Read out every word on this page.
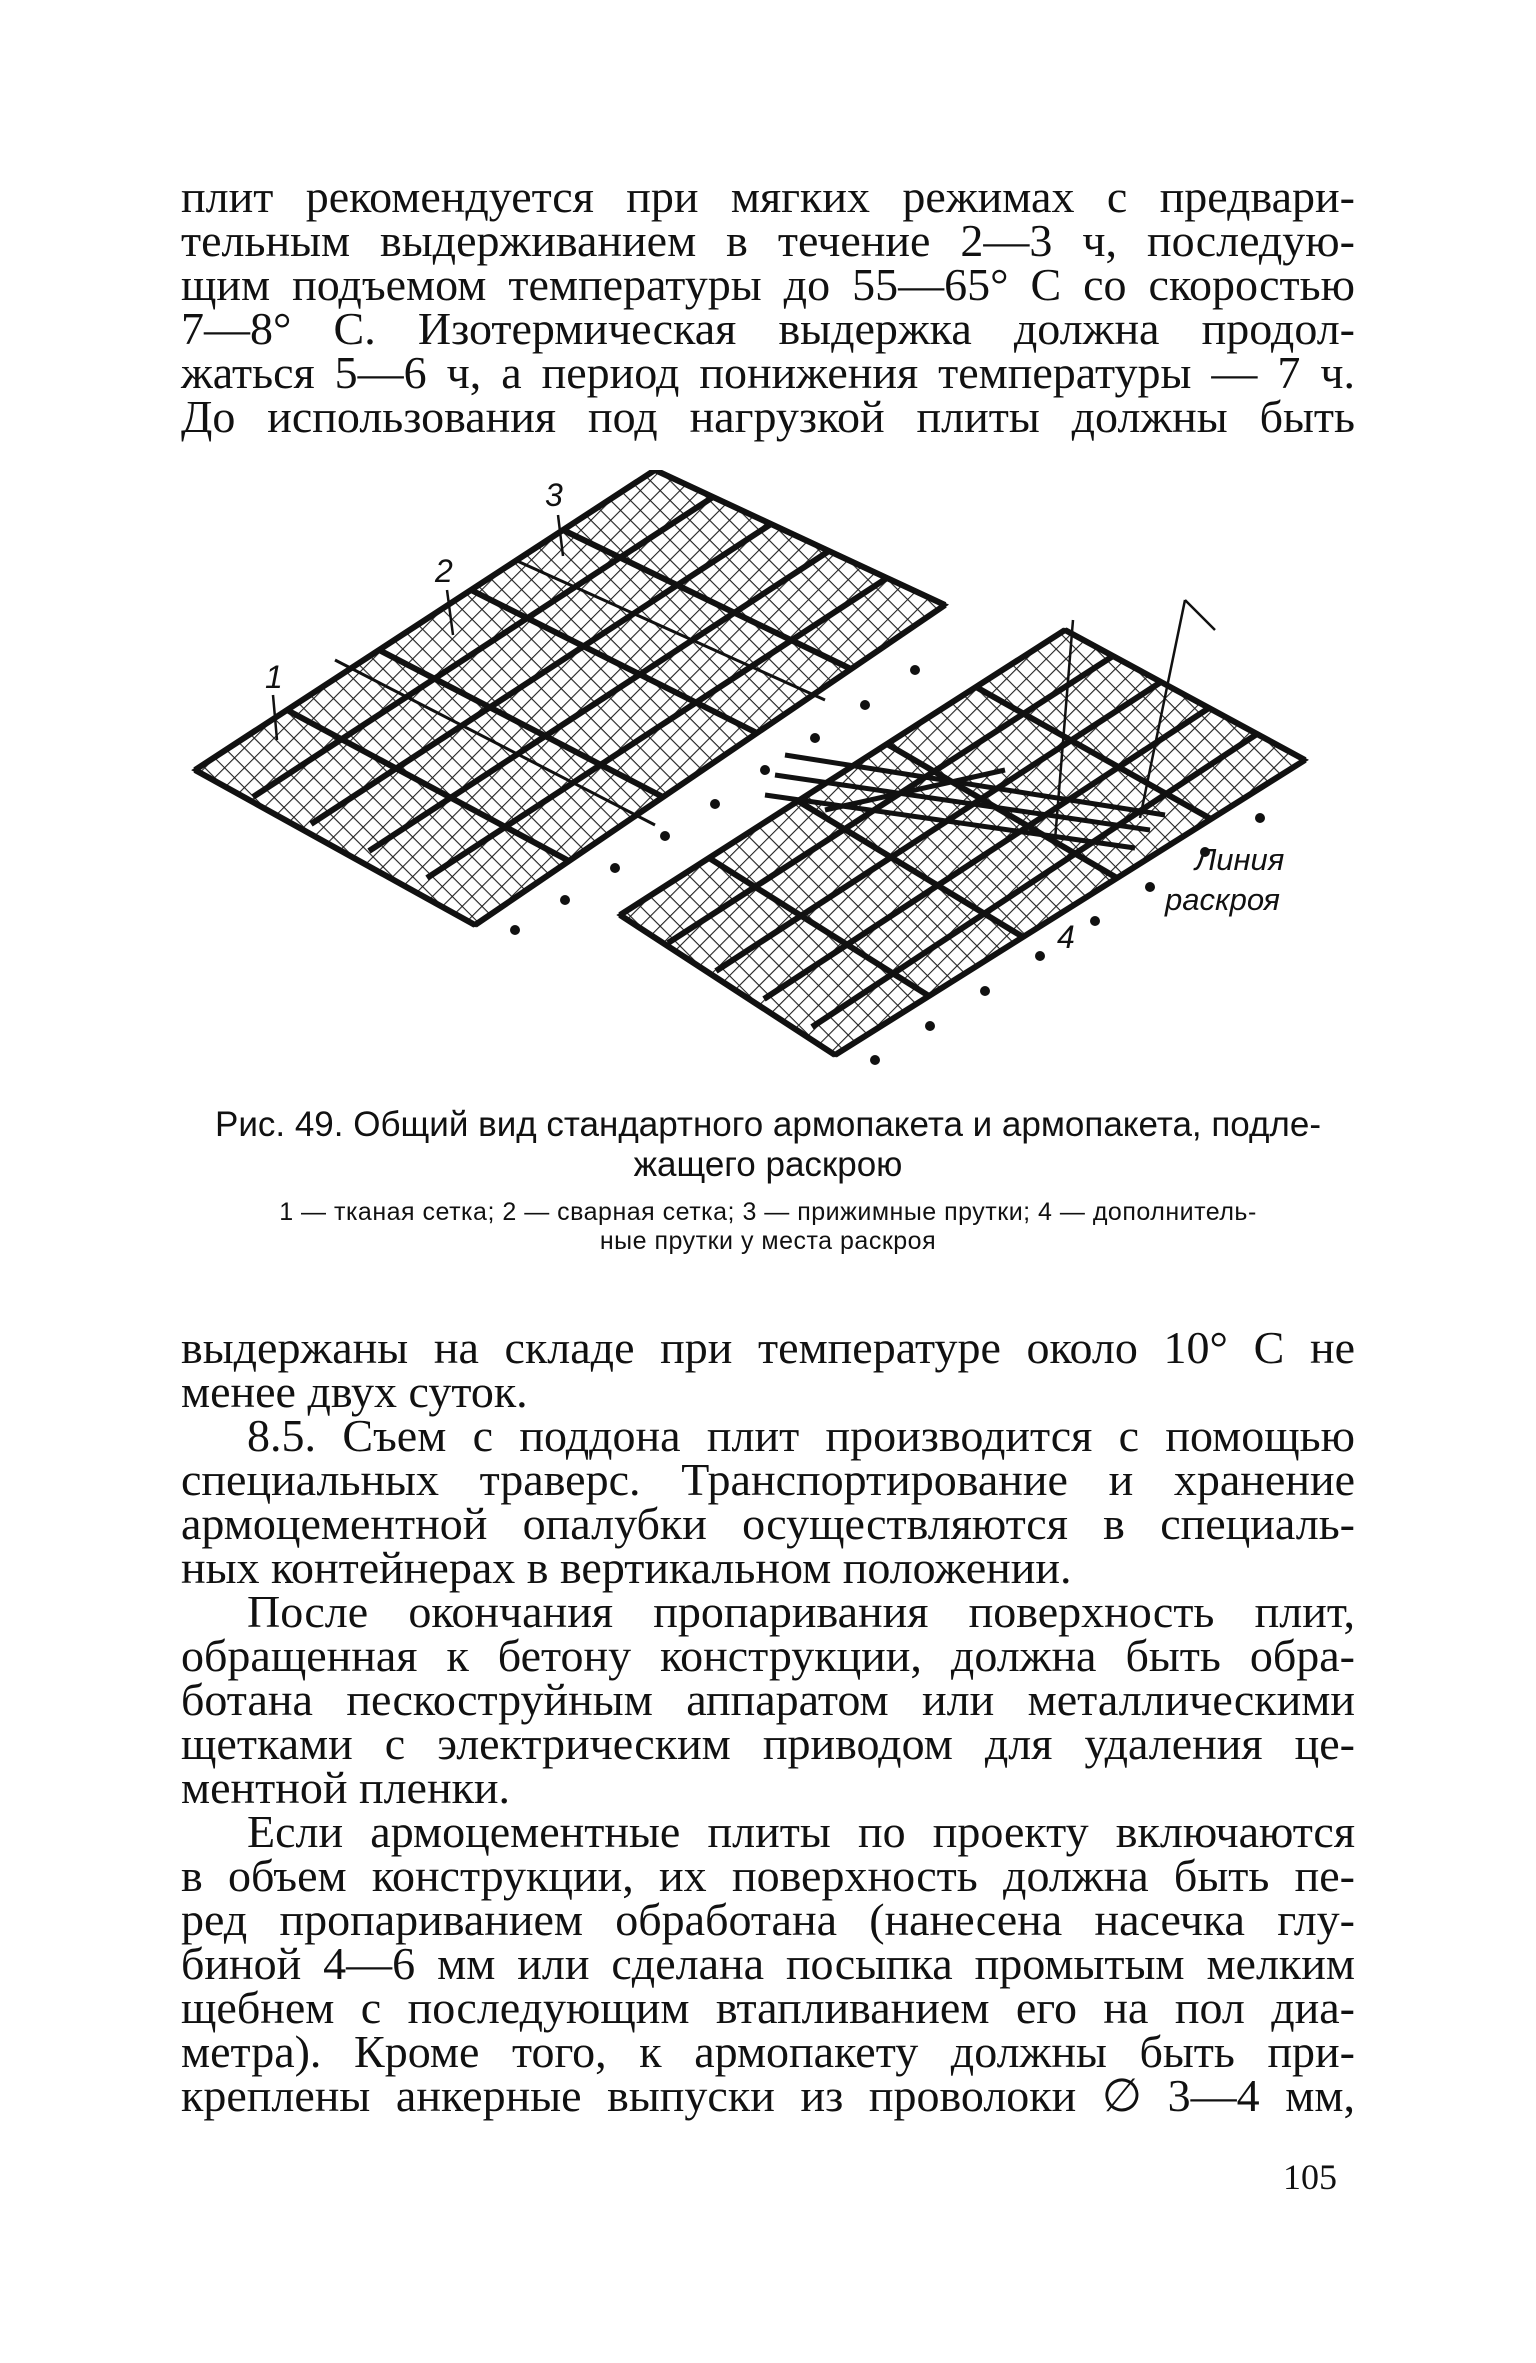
плит рекомендуется при мягких режимах с предвари-
тельным выдерживанием в течение 2—3 ч, последую-
щим подъемом температуры до 55—65° С со скоростью
7—8° С. Изотермическая выдержка должна продол-
жаться 5—6 ч, а период понижения температуры — 7 ч.
До использования под нагрузкой плиты должны быть
1
2
3
4
Линия
раскроя
Рис. 49. Общий вид стандартного армопакета и армопакета, подле-
жащего раскрою
1 — тканая сетка; 2 — сварная сетка; 3 — прижимные прутки; 4 — дополнитель-
ные прутки у места раскроя
выдержаны на складе при температуре около 10° С не
менее двух суток.
8.5. Съем с поддона плит производится с помощью
специальных траверс. Транспортирование и хранение
армоцементной опалубки осуществляются в специаль-
ных контейнерах в вертикальном положении.
После окончания пропаривания поверхность плит,
обращенная к бетону конструкции, должна быть обра-
ботана пескоструйным аппаратом или металлическими
щетками с электрическим приводом для удаления це-
ментной пленки.
Если армоцементные плиты по проекту включаются
в объем конструкции, их поверхность должна быть пе-
ред пропариванием обработана (нанесена насечка глу-
биной 4—6 мм или сделана посыпка промытым мелким
щебнем с последующим втапливанием его на пол диа-
метра). Кроме того, к армопакету должны быть при-
креплены анкерные выпуски из проволоки ∅ 3—4 мм,
105
